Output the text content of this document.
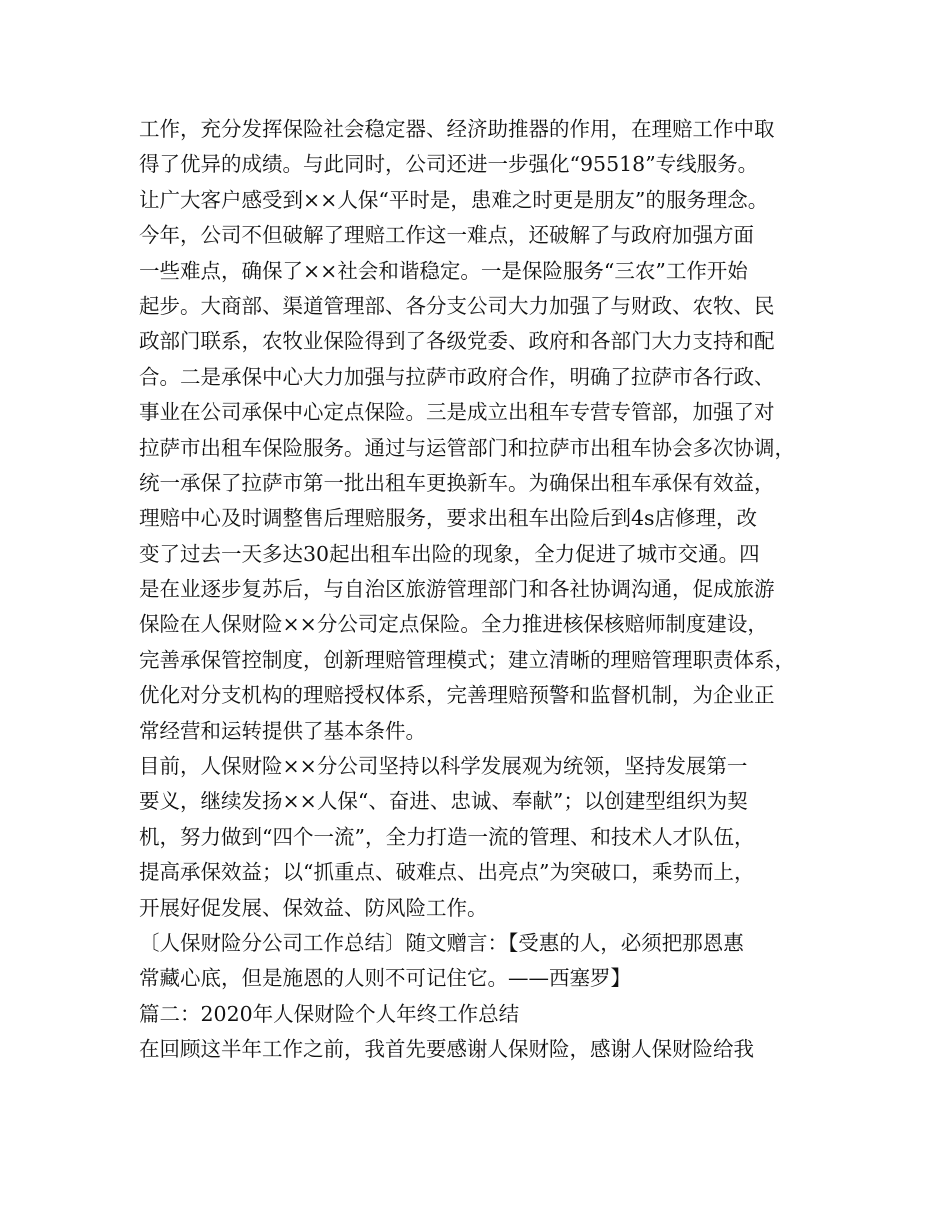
工作，充分发挥保险社会稳定器、经济助推器的作用，在理赔工作中取
得了优异的成绩。与此同时，公司还进一步强化“95518”专线服务。
让广大客户感受到××人保“平时是，患难之时更是朋友”的服务理念。
今年，公司不但破解了理赔工作这一难点，还破解了与政府加强方面
一些难点，确保了××社会和谐稳定。一是保险服务“三农”工作开始
起步。大商部、渠道管理部、各分支公司大力加强了与财政、农牧、民
政部门联系，农牧业保险得到了各级党委、政府和各部门大力支持和配
合。二是承保中心大力加强与拉萨市政府合作，明确了拉萨市各行政、
事业在公司承保中心定点保险。三是成立出租车专营专管部，加强了对
拉萨市出租车保险服务。通过与运管部门和拉萨市出租车协会多次协调，
统一承保了拉萨市第一批出租车更换新车。为确保出租车承保有效益，
理赔中心及时调整售后理赔服务，要求出租车出险后到4s店修理，改
变了过去一天多达30起出租车出险的现象，全力促进了城市交通。四
是在业逐步复苏后，与自治区旅游管理部门和各社协调沟通，促成旅游
保险在人保财险××分公司定点保险。全力推进核保核赔师制度建设，
完善承保管控制度，创新理赔管理模式；建立清晰的理赔管理职责体系，
优化对分支机构的理赔授权体系，完善理赔预警和监督机制，为企业正
常经营和运转提供了基本条件。
目前，人保财险××分公司坚持以科学发展观为统领，坚持发展第一
要义，继续发扬××人保“、奋进、忠诚、奉献”；以创建型组织为契
机，努力做到“四个一流”，全力打造一流的管理、和技术人才队伍，
提高承保效益；以“抓重点、破难点、出亮点”为突破口，乘势而上，
开展好促发展、保效益、防风险工作。
〔人保财险分公司工作总结〕随文赠言：【受惠的人，必须把那恩惠
常藏心底，但是施恩的人则不可记住它。——西塞罗】
篇二：2020年人保财险个人年终工作总结
在回顾这半年工作之前，我首先要感谢人保财险，感谢人保财险给我
